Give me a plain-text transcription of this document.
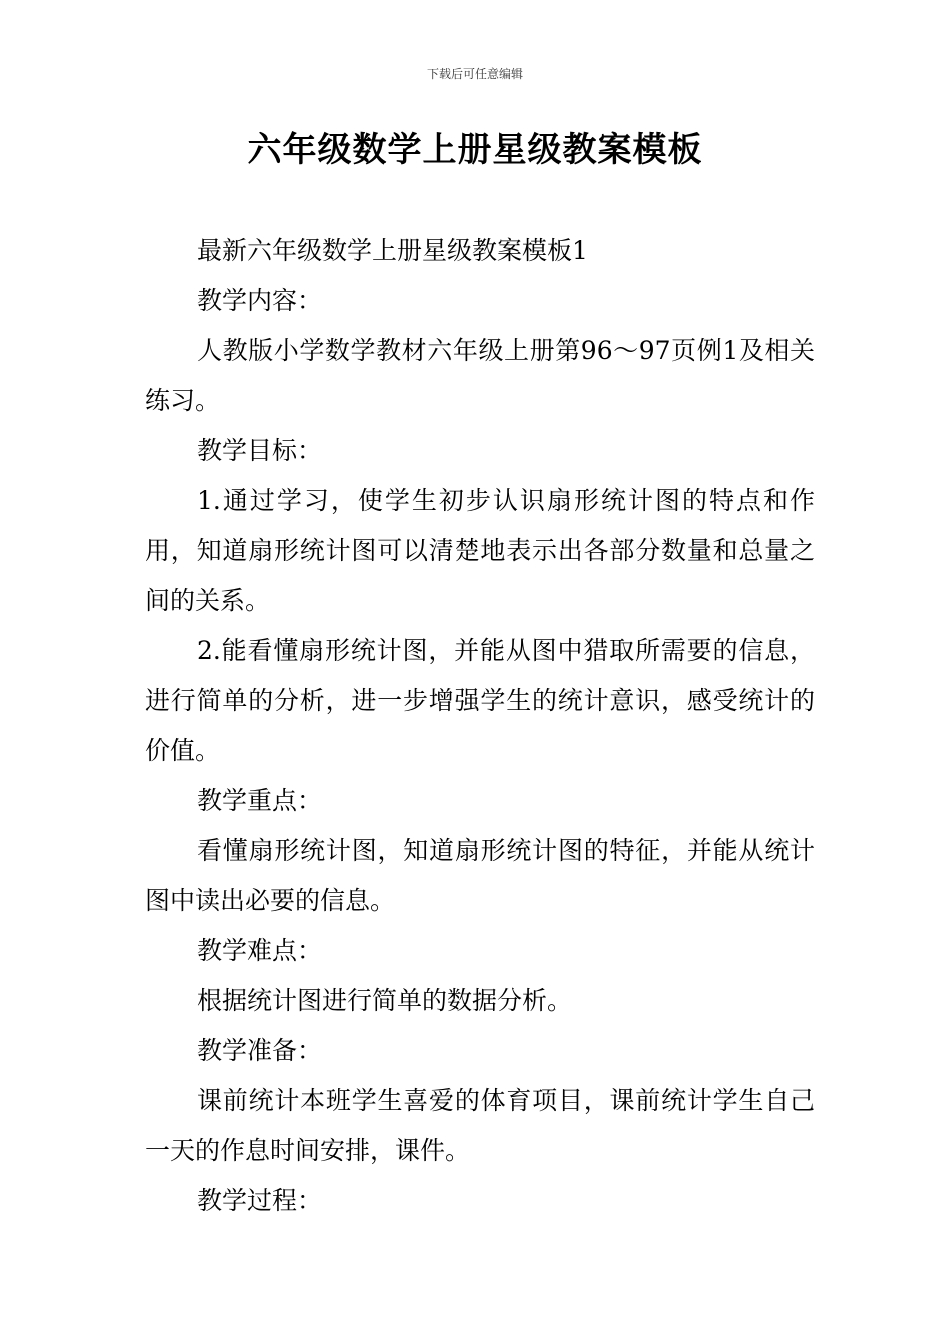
下载后可任意编辑
六年级数学上册星级教案模板

最新六年级数学上册星级教案模板1

教学内容：

人教版小学数学教材六年级上册第96～97页例1及相关练习。

教学目标：

1.通过学习，使学生初步认识扇形统计图的特点和作用，知道扇形统计图可以清楚地表示出各部分数量和总量之间的关系。

2.能看懂扇形统计图，并能从图中猎取所需要的信息，进行简单的分析，进一步增强学生的统计意识，感受统计的价值。

教学重点：

看懂扇形统计图，知道扇形统计图的特征，并能从统计图中读出必要的信息。

教学难点：

根据统计图进行简单的数据分析。

教学准备：

课前统计本班学生喜爱的体育项目，课前统计学生自己一天的作息时间安排，课件。

教学过程：
